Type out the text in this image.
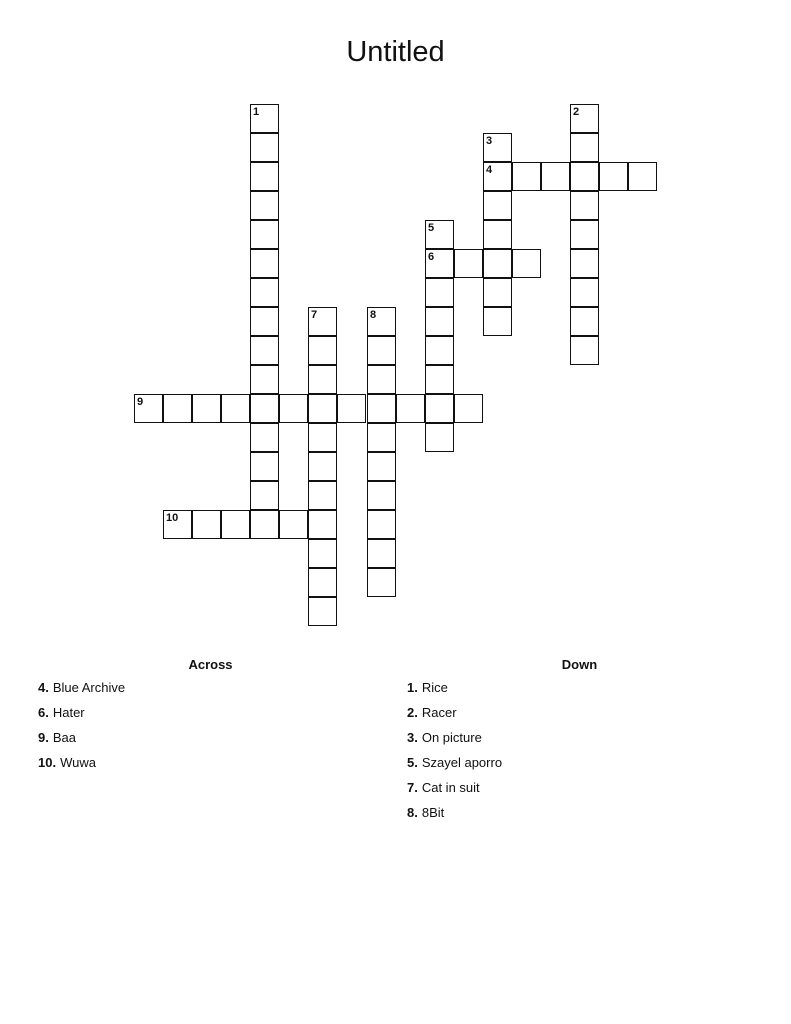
Untitled
1	2
3
4
5
6
7	8
9
10
Across
4. Blue Archive
6. Hater
9. Baa
10. Wuwa
Down
1. Rice
2. Racer
3. On picture
5. Szayel aporro
7. Cat in suit
8. 8Bit
